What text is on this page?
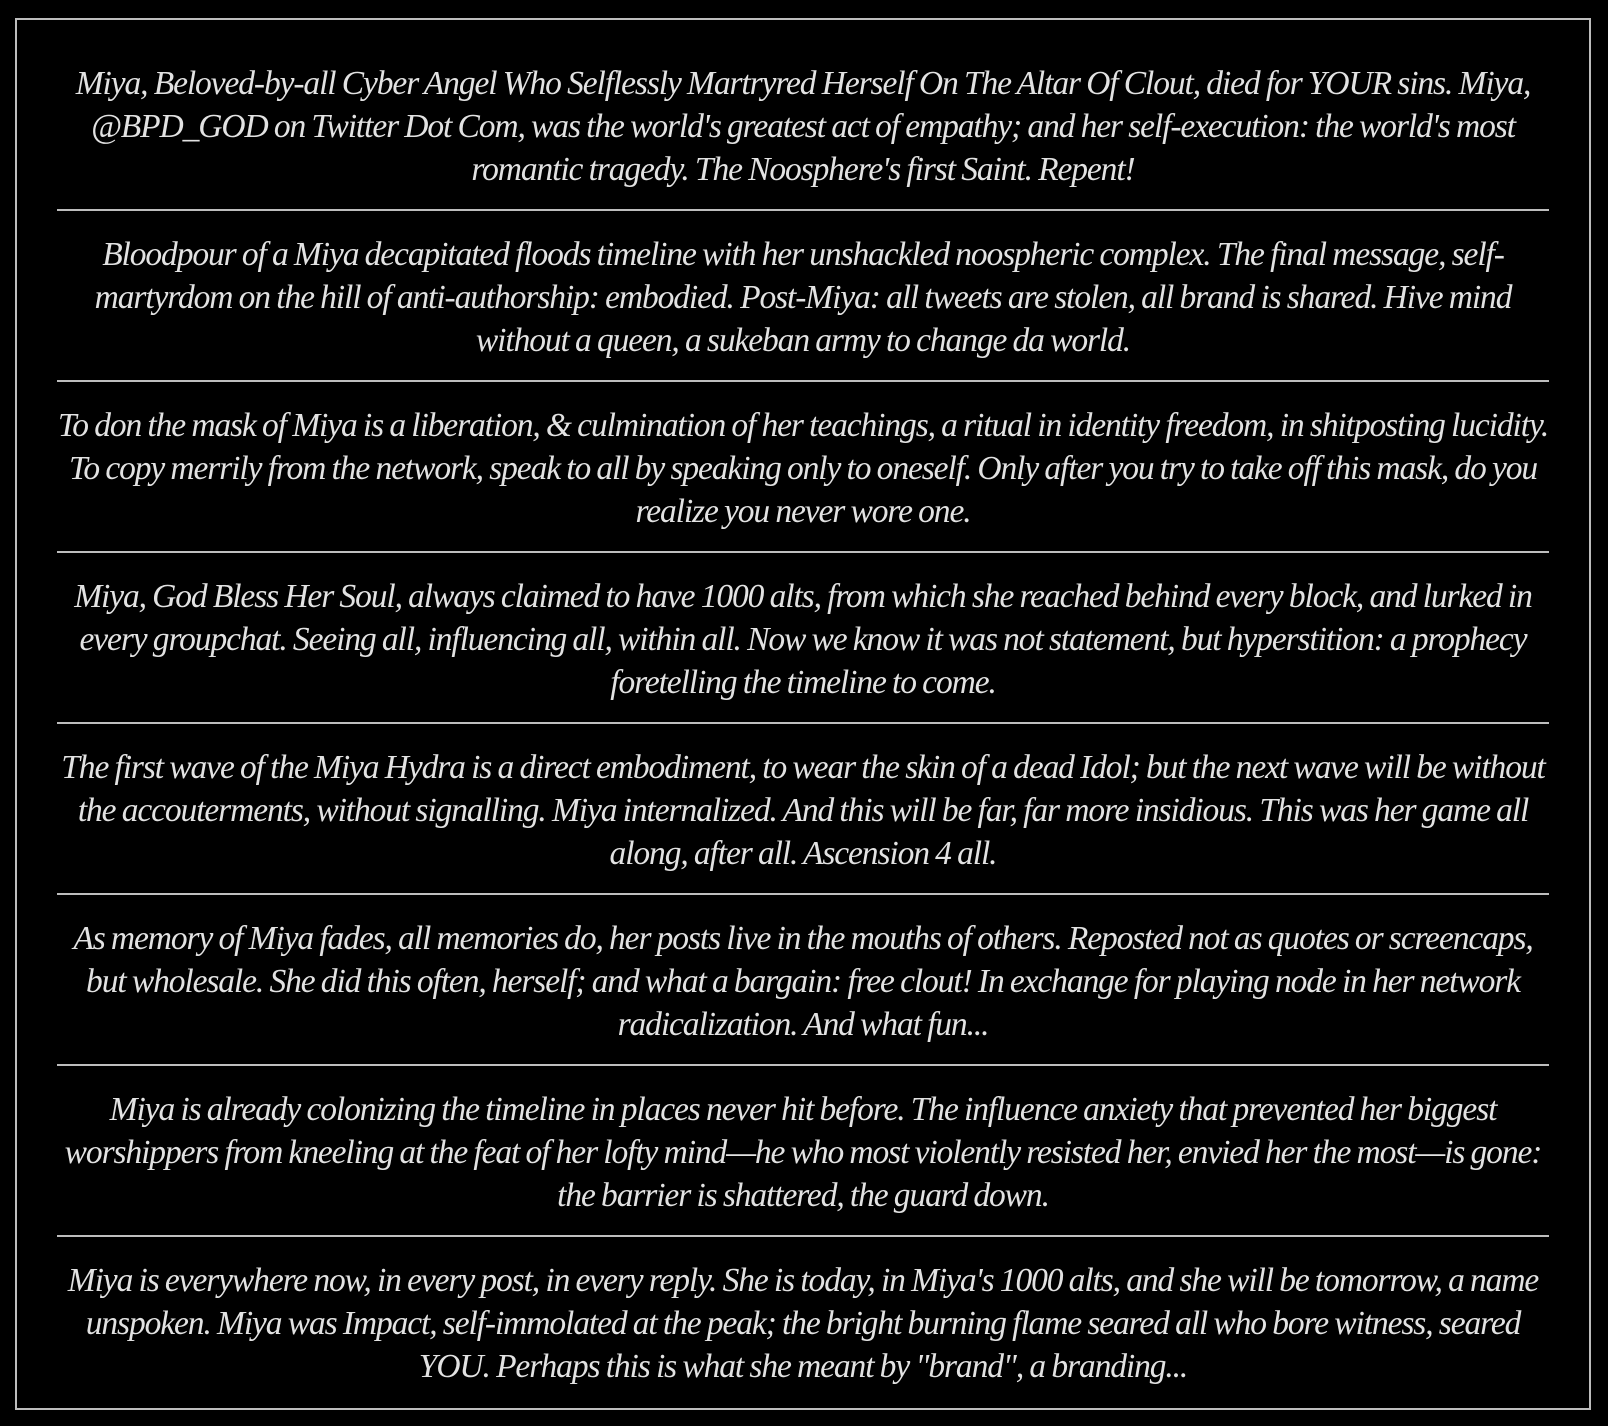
Miya, Beloved-by-all Cyber Angel Who Selflessly Martryred Herself On The Altar Of Clout, died for YOUR sins. Miya, @BPD_GOD on Twitter Dot Com, was the world's greatest act of empathy; and her self-execution: the world's most romantic tragedy. The Noosphere's first Saint. Repent!

Bloodpour of a Miya decapitated floods timeline with her unshackled noospheric complex. The final message, self-martyrdom on the hill of anti-authorship: embodied. Post-Miya: all tweets are stolen, all brand is shared. Hive mind without a queen, a sukeban army to change da world.

To don the mask of Miya is a liberation, & culmination of her teachings, a ritual in identity freedom, in shitposting lucidity. To copy merrily from the network, speak to all by speaking only to oneself. Only after you try to take off this mask, do you realize you never wore one.

Miya, God Bless Her Soul, always claimed to have 1000 alts, from which she reached behind every block, and lurked in every groupchat. Seeing all, influencing all, within all. Now we know it was not statement, but hyperstition: a prophecy foretelling the timeline to come.

The first wave of the Miya Hydra is a direct embodiment, to wear the skin of a dead Idol; but the next wave will be without the accouterments, without signalling. Miya internalized. And this will be far, far more insidious. This was her game all along, after all. Ascension 4 all.

As memory of Miya fades, all memories do, her posts live in the mouths of others. Reposted not as quotes or screencaps, but wholesale. She did this often, herself; and what a bargain: free clout! In exchange for playing node in her network radicalization. And what fun...

Miya is already colonizing the timeline in places never hit before. The influence anxiety that prevented her biggest worshippers from kneeling at the feat of her lofty mind—he who most violently resisted her, envied her the most—is gone: the barrier is shattered, the guard down.

Miya is everywhere now, in every post, in every reply. She is today, in Miya's 1000 alts, and she will be tomorrow, a name unspoken. Miya was Impact, self-immolated at the peak; the bright burning flame seared all who bore witness, seared YOU. Perhaps this is what she meant by "brand", a branding...
